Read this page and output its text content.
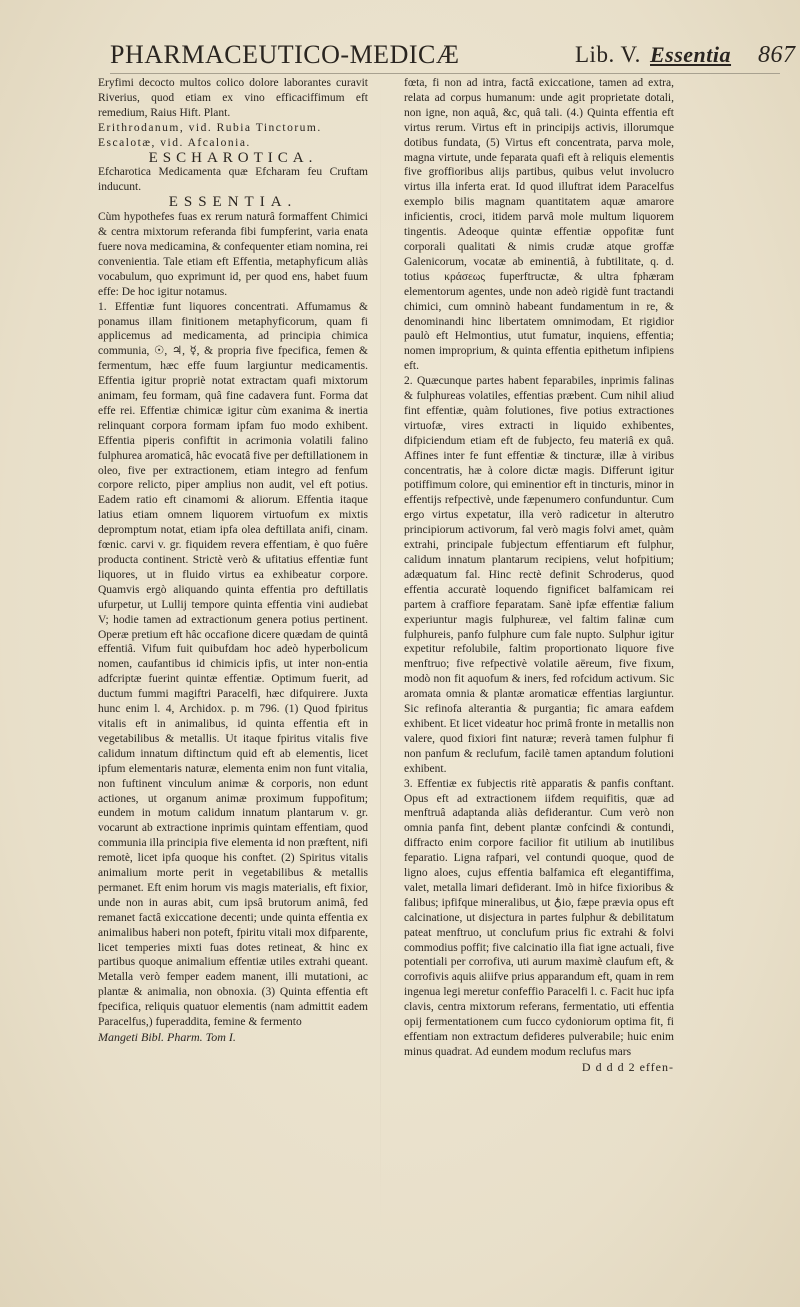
PHARMACEUTICO-MEDICÆ	Lib. V. Essentia 867

Eryfimi decocto multos colico dolore laborantes curavit Riverius, quod etiam ex vino efficaciffimum eft remedium, Raius Hift. Plant.

Erithrodanum, vid. Rubia Tinctorum.

Escalotæ, vid. Afcalonia.

ESCHAROTICA.

Efcharotica Medicamenta quæ Efcharam feu Cruftam inducunt.

ESSENTIA.

Cùm hypothefes fuas ex rerum naturâ formaffent Chimici & centra mixtorum referanda fibi fumpferint, varia enata fuere nova medicamina, & confequenter etiam nomina, rei convenientia. Tale etiam eft Effentia, metaphyficum aliàs vocabulum, quo exprimunt id, per quod ens, habet fuum effe: De hoc igitur notamus.

1. Effentiæ funt liquores concentrati. Affumamus & ponamus illam finitionem metaphyficorum, quam fi applicemus ad medicamenta, ad principia chimica communia, ☉, ♃, ☿, & propria five fpecifica, femen & fermentum, hæc effe fuum largiuntur medicamentis. Effentia igitur propriè notat extractam quafi mixtorum animam, feu formam, quâ fine cadavera funt. Forma dat effe rei. Effentiæ chimicæ igitur cùm exanima & inertia relinquant corpora formam ipfam fuo modo exhibent. Effentia piperis confiftit in acrimonia volatili falino fulphurea aromaticâ, hâc evocatâ five per deftillationem in oleo, five per extractionem, etiam integro ad fenfum corpore relicto, piper amplius non audit, vel eft potius. Eadem ratio eft cinamomi & aliorum. Effentia itaque latius etiam omnem liquorem virtuofum ex mixtis depromptum notat, etiam ipfa olea deftillata anifi, cinam. fœnic. carvi v. gr. fiquidem revera effentiam, è quo fuêre producta continent. Strictè verò & ufitatius effentiæ funt liquores, ut in fluido virtus ea exhibeatur corpore. Quamvis ergò aliquando quinta effentia pro deftillatis ufurpetur, ut Lullij tempore quinta effentia vini audiebat V; hodie tamen ad extractionum genera potius pertinent. Operæ pretium eft hâc occafione dicere quædam de quintâ effentiâ. Vifum fuit quibufdam hoc adeò hyperbolicum nomen, caufantibus id chimicis ipfis, ut inter non-entia adfcriptæ fuerint quintæ effentiæ. Optimum fuerit, ad ductum fummi magiftri Paracelfi, hæc difquirere. Juxta hunc enim l. 4, Archidox. p. m 796. (1) Quod fpiritus vitalis eft in animalibus, id quinta effentia eft in vegetabilibus & metallis. Ut itaque fpiritus vitalis five calidum innatum diftinctum quid eft ab elementis, licet ipfum elementaris naturæ, elementa enim non funt vitalia, non fuftinent vinculum animæ & corporis, non edunt actiones, ut organum animæ proximum fuppofitum; eundem in motum calidum innatum plantarum v. gr. vocarunt ab extractione inprimis quintam effentiam, quod communia illa principia five elementa id non præftent, nifi remotè, licet ipfa quoque his conftet. (2) Spiritus vitalis animalium morte perit in vegetabilibus & metallis permanet. Eft enim horum vis magis materialis, eft fixior, unde non in auras abit, cum ipsâ brutorum animâ, fed remanet factâ exiccatione decenti; unde quinta effentia ex animalibus haberi non poteft, fpiritu vitali mox difparente, licet temperies mixti fuas dotes retineat, & hinc ex partibus quoque animalium effentiæ utiles extrahi queant. Metalla verò femper eadem manent, illi mutationi, ac plantæ & animalia, non obnoxia. (3) Quinta effentia eft fpecifica, reliquis quatuor elementis (nam admittit eadem Paracelfus,) fuperaddita, femine & fermento

Mangeti Bibl. Pharm. Tom I.

fœta, fi non ad intra, factâ exiccatione, tamen ad extra, relata ad corpus humanum: unde agit proprietate dotali, non igne, non aquâ, &c, quâ tali. (4.) Quinta effentia eft virtus rerum. Virtus eft in principijs activis, illorumque dotibus fundata, (5) Virtus eft concentrata, parva mole, magna virtute, unde feparata quafi eft à reliquis elementis five groffioribus alijs partibus, quibus velut involucro virtus illa inferta erat. Id quod illuftrat idem Paracelfus exemplo bilis magnam quantitatem aquæ amarore inficientis, croci, itidem parvâ mole multum liquorem tingentis. Adeoque quintæ effentiæ oppofitæ funt corporali qualitati & nimis crudæ atque groffæ Galenicorum, vocatæ ab eminentiâ, à fubtilitate, q. d. totius κράσεως fuperftructæ, & ultra fphæram elementorum agentes, unde non adeò rigidè funt tractandi chimici, cum omninò habeant fundamentum in re, & denominandi hinc libertatem omnimodam, Et rigidior paulò eft Helmontius, utut fumatur, inquiens, effentia; nomen improprium, & quinta effentia epithetum infipiens eft.

2. Quæcunque partes habent feparabiles, inprimis falinas & fulphureas volatiles, effentias præbent. Cum nihil aliud fint effentiæ, quàm folutiones, five potius extractiones virtuofæ, vires extracti in liquido exhibentes, difpiciendum etiam eft de fubjecto, feu materiâ ex quâ. Affines inter fe funt effentiæ & tincturæ, illæ à viribus concentratis, hæ à colore dictæ magis. Differunt igitur potiffimum colore, qui eminentior eft in tincturis, minor in effentijs refpectivè, unde fæpenumero confunduntur. Cum ergo virtus expetatur, illa verò radicetur in alterutro principiorum activorum, fal verò magis folvi amet, quàm extrahi, principale fubjectum effentiarum eft fulphur, calidum innatum plantarum recipiens, velut hofpitium; adæquatum fal. Hinc rectè definit Schroderus, quod effentia accuratè loquendo fignificet balfamicam rei partem à craffiore feparatam. Sanè ipfæ effentiæ falium experiuntur magis fulphureæ, vel faltim falinæ cum fulphureis, panfo fulphure cum fale nupto. Sulphur igitur expetitur refolubile, faltim proportionato liquore five menftruo; five refpectivè volatile aëreum, five fixum, modò non fit aquofum & iners, fed rofcidum activum. Sic aromata omnia & plantæ aromaticæ effentias largiuntur. Sic refinofa alterantia & purgantia; fic amara eafdem exhibent. Et licet videatur hoc primâ fronte in metallis non valere, quod fixiori fint naturæ; reverà tamen fulphur fi non panfum & reclufum, facilè tamen aptandum folutioni exhibent.

3. Effentiæ ex fubjectis ritè apparatis & panfis conftant. Opus eft ad extractionem iifdem requifitis, quæ ad menftruâ adaptanda aliàs defiderantur. Cum verò non omnia panfa fint, debent plantæ confcindi & contundi, diffracto enim corpore facilior fit utilium ab inutilibus feparatio. Ligna rafpari, vel contundi quoque, quod de ligno aloes, cujus effentia balfamica eft elegantiffima, valet, metalla limari defiderant. Imò in hifce fixioribus & falibus; ipfifque mineralibus, ut ♁io, fæpe prævia opus eft calcinatione, ut disjectura in partes fulphur & debilitatum pateat menftruo, ut conclufum prius fic extrahi & folvi commodius poffit; five calcinatio illa fiat igne actuali, five potentiali per corrofiva, uti aurum maximè claufum eft, & corrofivis aquis aliifve prius apparandum eft, quam in rem ingenua legi meretur confeffio Paracelfi l. c. Facit huc ipfa clavis, centra mixtorum referans, fermentatio, uti effentia opij fermentationem cum fucco cydoniorum optima fit, fi effentiam non extractum defideres pulverabile; huic enim minus quadrat. Ad eundem modum reclufus mars

D d d d 2 effen-
